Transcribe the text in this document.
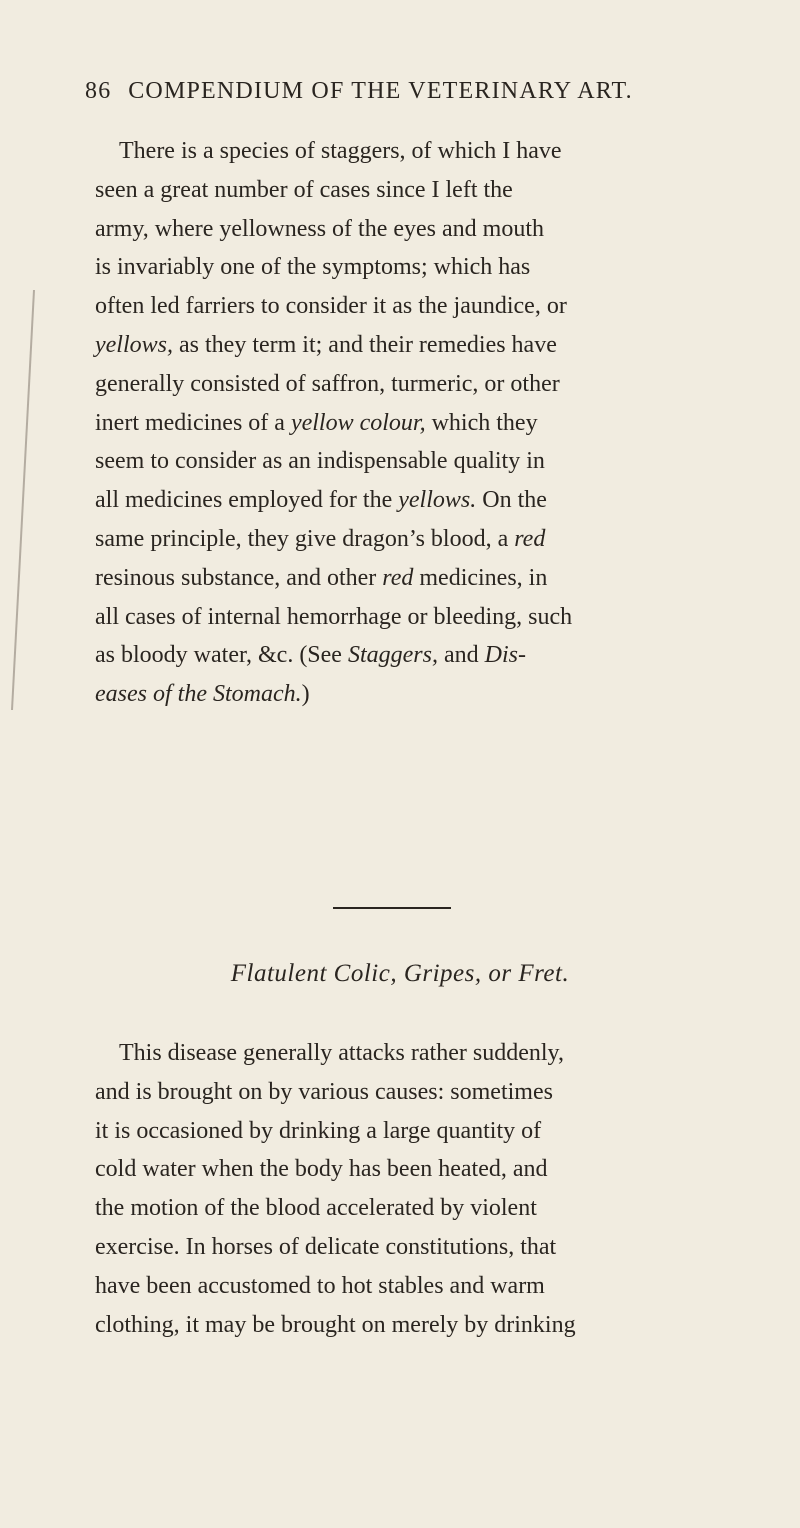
86 COMPENDIUM OF THE VETERINARY ART.
There is a species of staggers, of which I have
seen a great number of cases since I left the
army, where yellowness of the eyes and mouth
is invariably one of the symptoms; which has
often led farriers to consider it as the jaundice, or
yellows, as they term it; and their remedies have
generally consisted of saffron, turmeric, or other
inert medicines of a yellow colour, which they
seem to consider as an indispensable quality in
all medicines employed for the yellows. On the
same principle, they give dragon’s blood, a red
resinous substance, and other red medicines, in
all cases of internal hemorrhage or bleeding, such
as bloody water, &c. (See Staggers, and Dis-
eases of the Stomach.)
Flatulent Colic, Gripes, or Fret.
This disease generally attacks rather suddenly,
and is brought on by various causes: sometimes
it is occasioned by drinking a large quantity of
cold water when the body has been heated, and
the motion of the blood accelerated by violent
exercise. In horses of delicate constitutions, that
have been accustomed to hot stables and warm
clothing, it may be brought on merely by drinking
